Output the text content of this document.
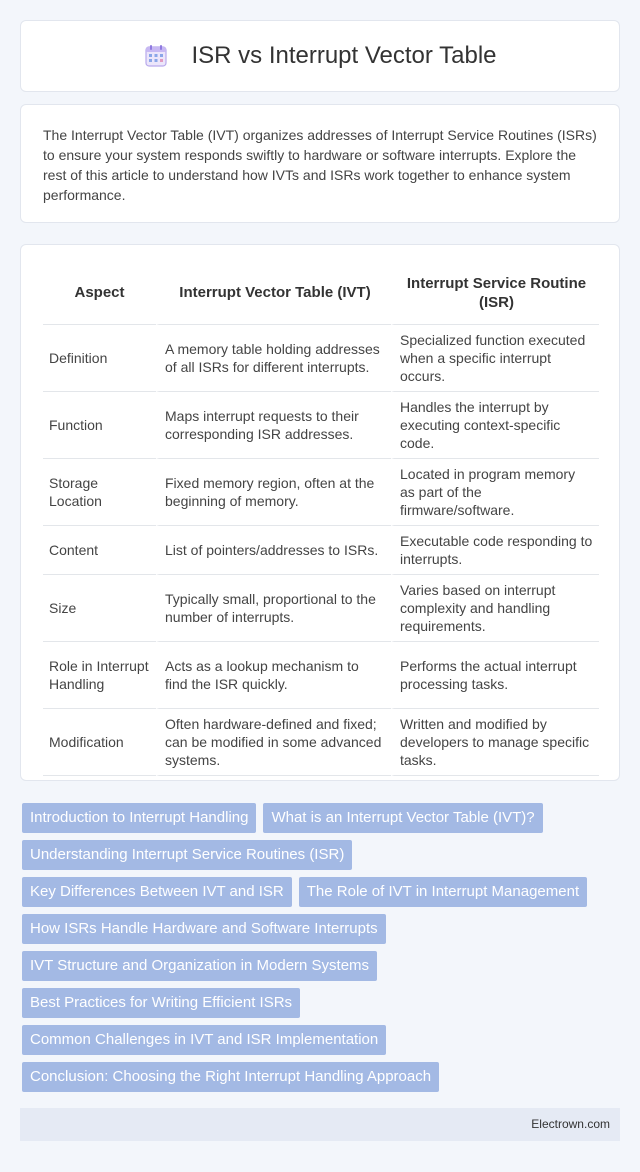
ISR vs Interrupt Vector Table

The Interrupt Vector Table (IVT) organizes addresses of Interrupt Service Routines (ISRs) to ensure your system responds swiftly to hardware or software interrupts. Explore the rest of this article to understand how IVTs and ISRs work together to enhance system performance.

Aspect	Interrupt Vector Table (IVT)	Interrupt Service Routine (ISR)
Definition	A memory table holding addresses of all ISRs for different interrupts.	Specialized function executed when a specific interrupt occurs.
Function	Maps interrupt requests to their corresponding ISR addresses.	Handles the interrupt by executing context-specific code.
Storage Location	Fixed memory region, often at the beginning of memory.	Located in program memory as part of the firmware/software.
Content	List of pointers/addresses to ISRs.	Executable code responding to interrupts.
Size	Typically small, proportional to the number of interrupts.	Varies based on interrupt complexity and handling requirements.
Role in Interrupt Handling	Acts as a lookup mechanism to find the ISR quickly.	Performs the actual interrupt processing tasks.
Modification	Often hardware-defined and fixed; can be modified in some advanced systems.	Written and modified by developers to manage specific tasks.
Introduction to Interrupt Handling	What is an Interrupt Vector Table (IVT)?
Understanding Interrupt Service Routines (ISR)
Key Differences Between IVT and ISR	The Role of IVT in Interrupt Management
How ISRs Handle Hardware and Software Interrupts
IVT Structure and Organization in Modern Systems
Best Practices for Writing Efficient ISRs
Common Challenges in IVT and ISR Implementation
Conclusion: Choosing the Right Interrupt Handling Approach
Electrown.com
